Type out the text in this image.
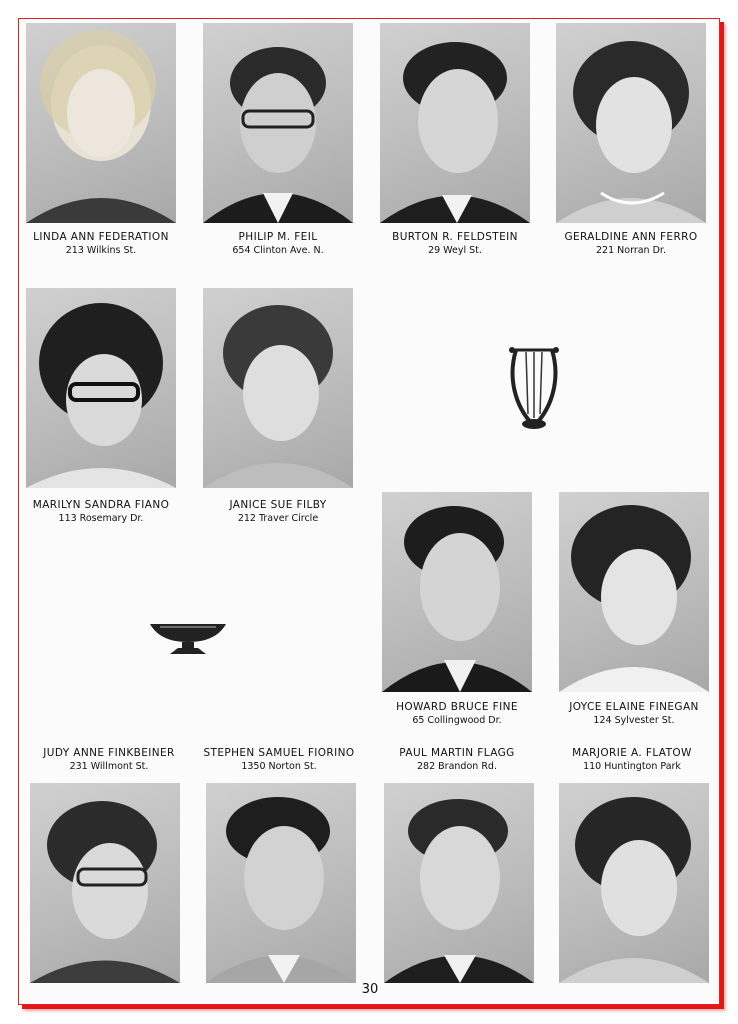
LINDA ANN FEDERATION
213 Wilkins St.
PHILIP M. FEIL
654 Clinton Ave. N.
BURTON R. FELDSTEIN
29 Weyl St.
GERALDINE ANN FERRO
221 Norran Dr.
MARILYN SANDRA FIANO
113 Rosemary Dr.
JANICE SUE FILBY
212 Traver Circle
HOWARD BRUCE FINE
65 Collingwood Dr.
JOYCE ELAINE FINEGAN
124 Sylvester St.
JUDY ANNE FINKBEINER
231 Willmont St.
STEPHEN SAMUEL FIORINO
1350 Norton St.
PAUL MARTIN FLAGG
282 Brandon Rd.
MARJORIE A. FLATOW
110 Huntington Park
30
